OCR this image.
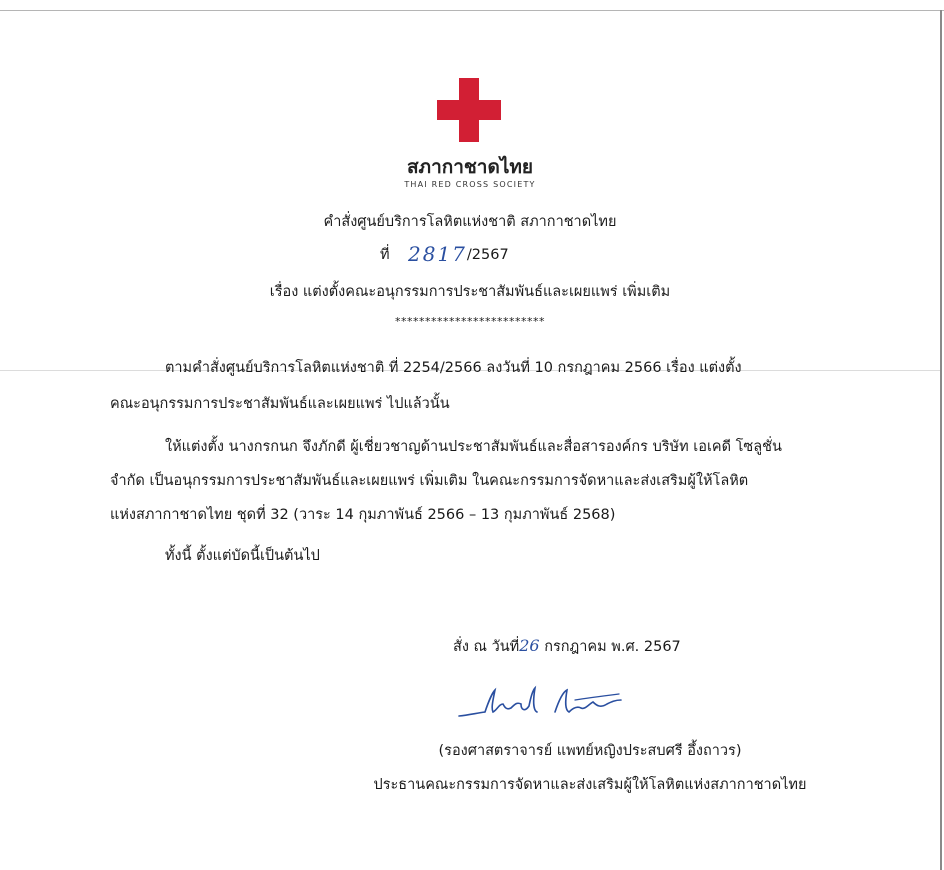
สภากาชาดไทย
THAI RED CROSS SOCIETY
คำสั่งศูนย์บริการโลหิตแห่งชาติ สภากาชาดไทย
ที่ 2817/2567
เรื่อง แต่งตั้งคณะอนุกรรมการประชาสัมพันธ์และเผยแพร่ เพิ่มเติม
*************************
ตามคำสั่งศูนย์บริการโลหิตแห่งชาติ ที่ 2254/2566 ลงวันที่ 10 กรกฎาคม 2566 เรื่อง แต่งตั้ง
คณะอนุกรรมการประชาสัมพันธ์และเผยแพร่ ไปแล้วนั้น
ให้แต่งตั้ง นางกรกนก จึงภักดี ผู้เชี่ยวชาญด้านประชาสัมพันธ์และสื่อสารองค์กร บริษัท เอเคดี โซลูชั่น
จำกัด เป็นอนุกรรมการประชาสัมพันธ์และเผยแพร่ เพิ่มเติม ในคณะกรรมการจัดหาและส่งเสริมผู้ให้โลหิต
แห่งสภากาชาดไทย ชุดที่ 32 (วาระ 14 กุมภาพันธ์ 2566 – 13 กุมภาพันธ์ 2568)
ทั้งนี้ ตั้งแต่บัดนี้เป็นต้นไป
สั่ง ณ วันที่26 กรกฎาคม พ.ศ. 2567
(รองศาสตราจารย์ แพทย์หญิงประสบศรี อึ้งถาวร)
ประธานคณะกรรมการจัดหาและส่งเสริมผู้ให้โลหิตแห่งสภากาชาดไทย
